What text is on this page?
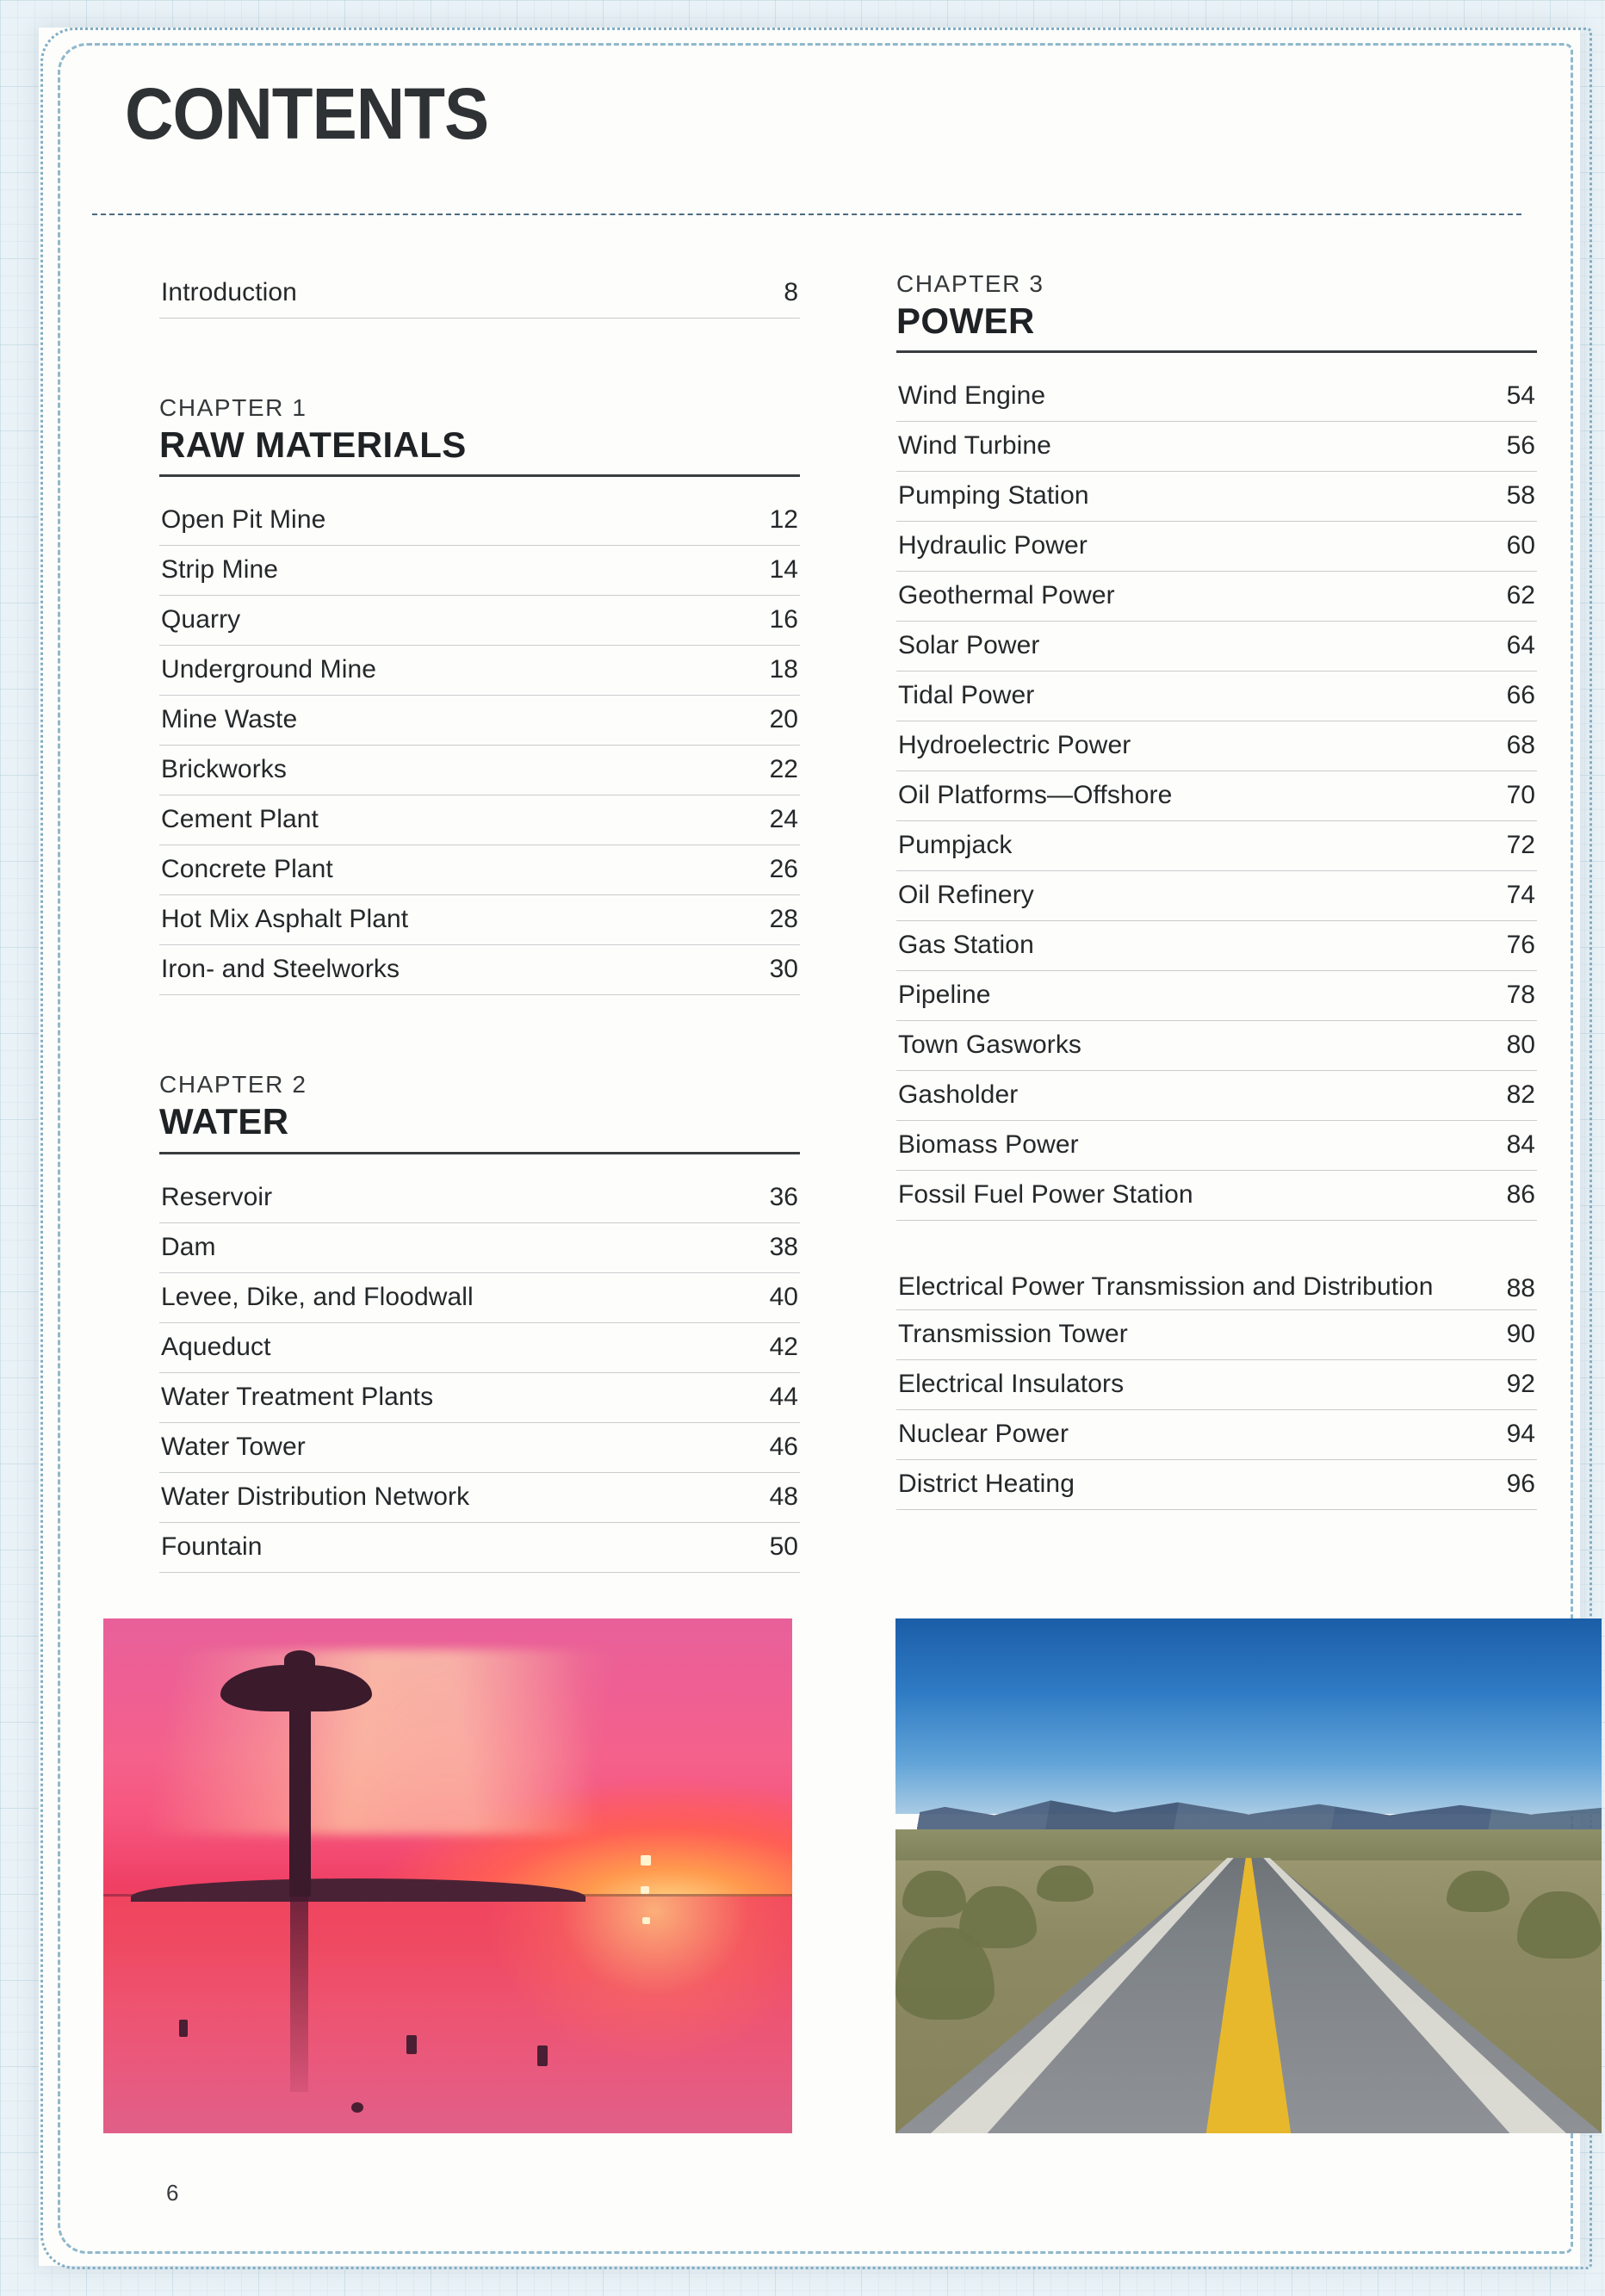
CONTENTS
Introduction	8
CHAPTER 1
RAW MATERIALS
Open Pit Mine	12
Strip Mine	14
Quarry	16
Underground Mine	18
Mine Waste	20
Brickworks	22
Cement Plant	24
Concrete Plant	26
Hot Mix Asphalt Plant	28
Iron- and Steelworks	30
CHAPTER 2
WATER
Reservoir	36
Dam	38
Levee, Dike, and Floodwall	40
Aqueduct	42
Water Treatment Plants	44
Water Tower	46
Water Distribution Network	48
Fountain	50
CHAPTER 3
POWER
Wind Engine	54
Wind Turbine	56
Pumping Station	58
Hydraulic Power	60
Geothermal Power	62
Solar Power	64
Tidal Power	66
Hydroelectric Power	68
Oil Platforms—Offshore	70
Pumpjack	72
Oil Refinery	74
Gas Station	76
Pipeline	78
Town Gasworks	80
Gasholder	82
Biomass Power	84
Fossil Fuel Power Station	86
Electrical Power Transmission and Distribution	88
Transmission Tower	90
Electrical Insulators	92
Nuclear Power	94
District Heating	96
6
